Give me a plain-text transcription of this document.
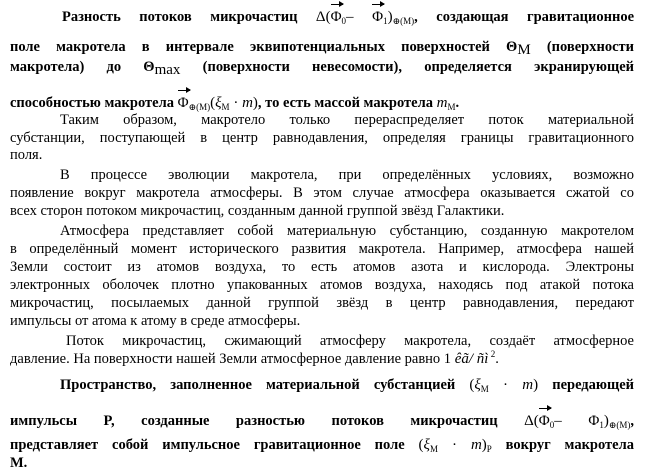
Разность потоков микрочастиц $\Delta(\Phi_0-$ $\Phi_1)_{\oplus(M)}$, создающая гравитационное
поле макротела в интервале эквипотенциальных поверхностей $\Theta_M$ (поверхности
макротела) до $\Theta_{max}$ (поверхности невесомости), определяется экранирующей
способностью макротела $\Phi_{\oplus(M)}(\xi_M \cdot m)$, то есть массой макротела $m_M$.
Таким образом, макротело только перераспределяет поток материальной
субстанции, поступающей в центр равнодавления, определяя границы гравитационного
поля.
В процессе эволюции макротела, при определённых условиях, возможно
появление вокруг макротела атмосферы. В этом случае атмосфера оказывается сжатой со
всех сторон потоком микрочастиц, созданным данной группой звёзд Галактики.
Атмосфера представляет собой материальную субстанцию, созданную макротелом
в определённый момент исторического развития макротела. Например, атмосфера нашей
Земли состоит из атомов воздуха, то есть атомов азота и кислорода. Электроны
электронных оболочек плотно упакованных атомов воздуха, находясь под атакой потока
микрочастиц, посылаемых данной группой звёзд в центр равнодавления, передают
импульсы от атома к атому в среде атмосферы.
Поток микрочастиц, сжимающий атмосферу макротела, создаёт атмосферное
давление. На поверхности нашей Земли атмосферное давление равно 1 êã/ ñì $^2$.
Пространство, заполненное материальной субстанцией $(\xi_M \cdot m)$ передающей
импульсы P, созданные разностью потоков микрочастиц $\Delta(\Phi_0-$ $\Phi_1)_{\oplus(M)}$,
представляет собой импульсное гравитационное поле $(\xi_M \cdot m)_P$ вокруг макротела
М.
